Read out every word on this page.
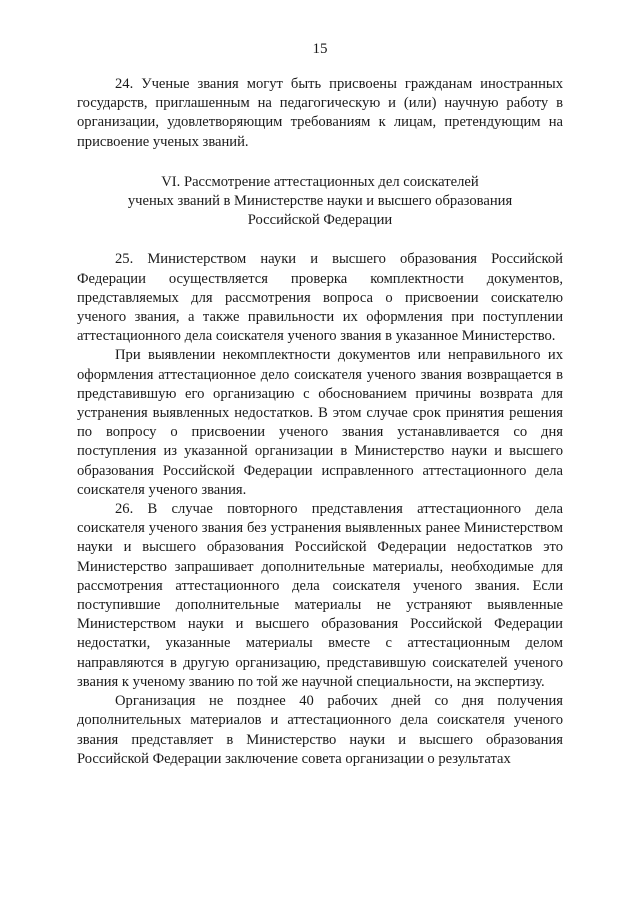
15

24. Ученые звания могут быть присвоены гражданам иностранных государств, приглашенным на педагогическую и (или) научную работу в организации, удовлетворяющим требованиям к лицам, претендующим на присвоение ученых званий.

VI. Рассмотрение аттестационных дел соискателей
ученых званий в Министерстве науки и высшего образования
Российской Федерации

25. Министерством науки и высшего образования Российской Федерации осуществляется проверка комплектности документов, представляемых для рассмотрения вопроса о присвоении соискателю ученого звания, а также правильности их оформления при поступлении аттестационного дела соискателя ученого звания в указанное Министерство.

При выявлении некомплектности документов или неправильного их оформления аттестационное дело соискателя ученого звания возвращается в представившую его организацию с обоснованием причины возврата для устранения выявленных недостатков. В этом случае срок принятия решения по вопросу о присвоении ученого звания устанавливается со дня поступления из указанной организации в Министерство науки и высшего образования Российской Федерации исправленного аттестационного дела соискателя ученого звания.

26. В случае повторного представления аттестационного дела соискателя ученого звания без устранения выявленных ранее Министерством науки и высшего образования Российской Федерации недостатков это Министерство запрашивает дополнительные материалы, необходимые для рассмотрения аттестационного дела соискателя ученого звания. Если поступившие дополнительные материалы не устраняют выявленные Министерством науки и высшего образования Российской Федерации недостатки, указанные материалы вместе с аттестационным делом направляются в другую организацию, представившую соискателей ученого звания к ученому званию по той же научной специальности, на экспертизу.

Организация не позднее 40 рабочих дней со дня получения дополнительных материалов и аттестационного дела соискателя ученого звания представляет в Министерство науки и высшего образования Российской Федерации заключение совета организации о результатах
